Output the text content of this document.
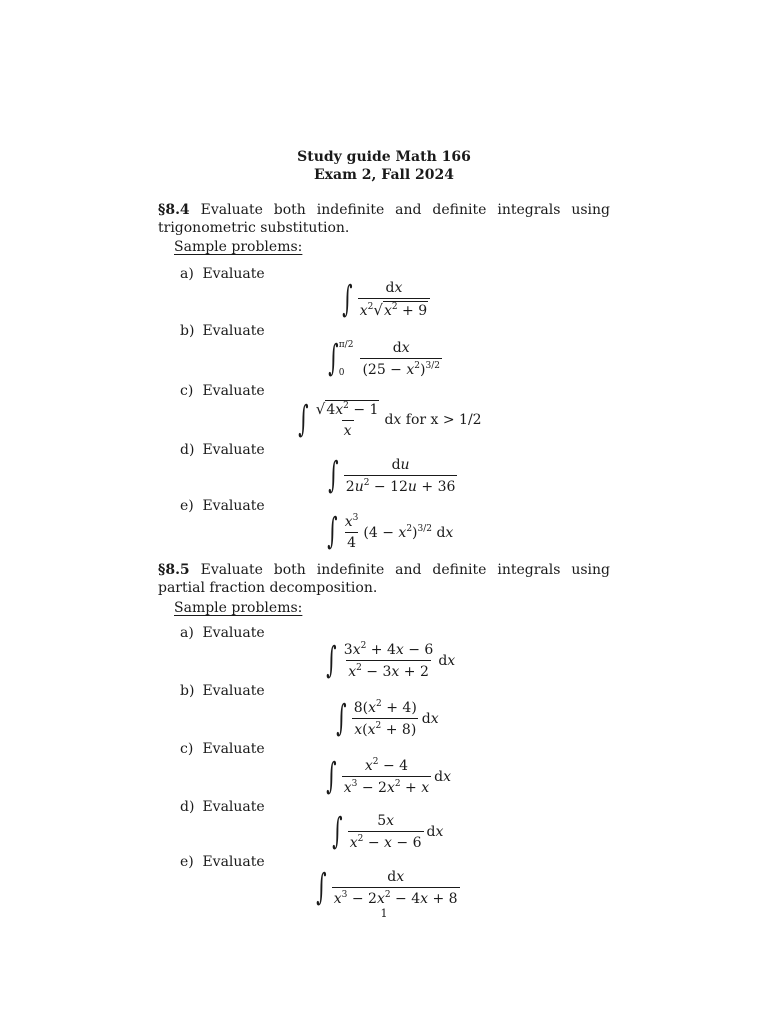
Study guide Math 166
Exam 2, Fall 2024
§8.4 Evaluate both indefinite and definite integrals using trigonometric substitution.
Sample problems:
a) Evaluate
∫ $\frac{dx}{x^2 √ x^2 + 9}$
b) Evaluate
∫ π/2
0	$\frac{dx}{(25 - x^2)^{3/2}}$
c) Evaluate
∫ $\frac{√ 4x^2 - 1}{x}$ dx for x > 1/2
d) Evaluate
∫ $\frac{du}{2u^2 - 12u + 36}$
e) Evaluate
∫ $\frac{x^3}{4} (4 - x^2)^{3/2}$ dx
§8.5 Evaluate both indefinite and definite integrals using partial fraction decomposition.
Sample problems:
a) Evaluate
∫ $\frac{3x^2 + 4x - 6}{x^2 - 3x + 2}$ dx
b) Evaluate
∫ $\frac{8(x^2 + 4)}{x(x^2 + 8)}$ dx
c) Evaluate
∫ $\frac{x^2 - 4}{x^3 - 2x^2 + x}$ dx
d) Evaluate
∫ $\frac{5x}{x^2 - x - 6}$ dx
e) Evaluate
∫ $\frac{dx}{x^3 - 2x^2 - 4x + 8}$
1
